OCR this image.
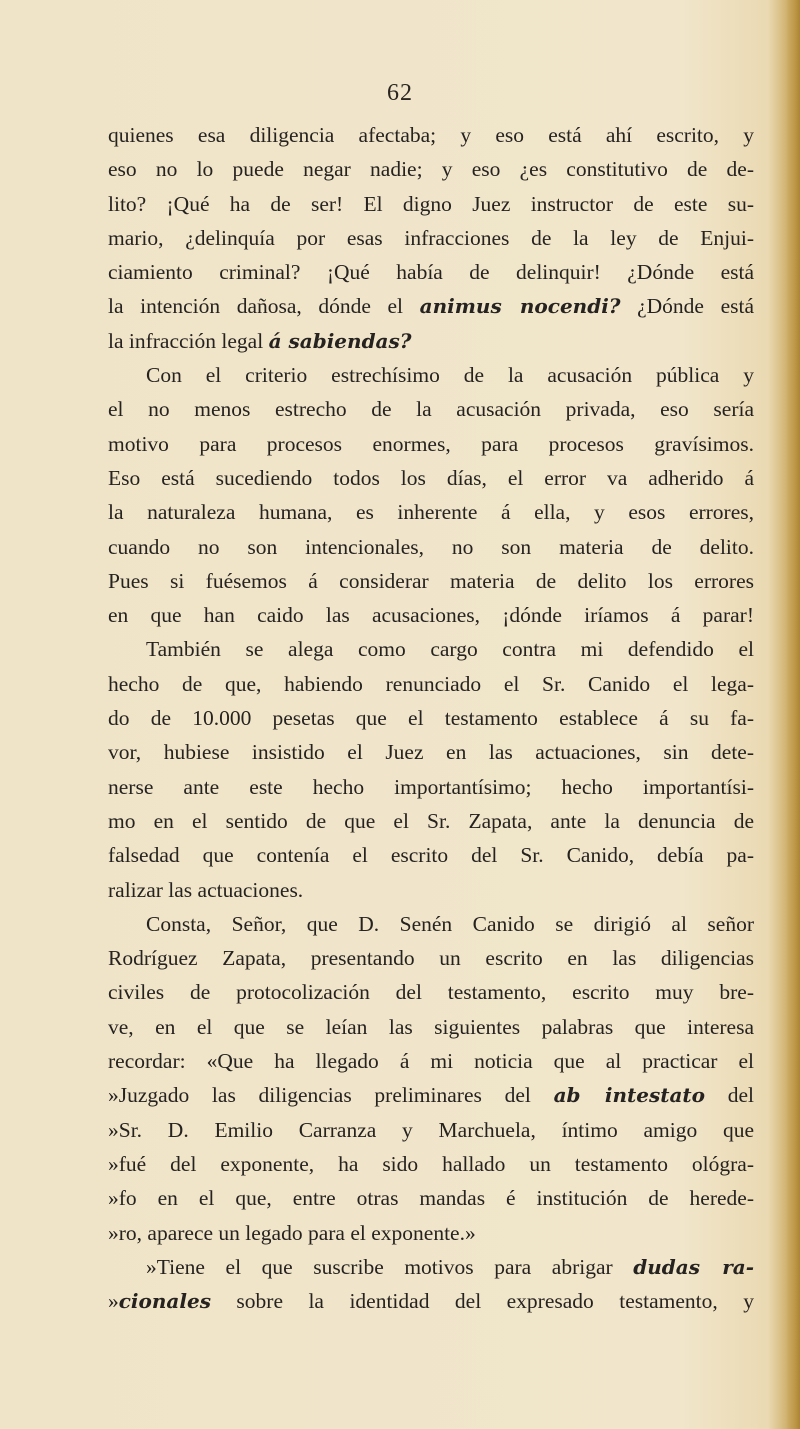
62
quienes esa diligencia afectaba; y eso está ahí escrito, y
eso no lo puede negar nadie; y eso ¿es constitutivo de de-
lito? ¡Qué ha de ser! El digno Juez instructor de este su-
mario, ¿delinquía por esas infracciones de la ley de Enjui-
ciamiento criminal? ¡Qué había de delinquir! ¿Dónde está
la intención dañosa, dónde el animus nocendi? ¿Dónde está
la infracción legal á sabiendas?
Con el criterio estrechísimo de la acusación pública y
el no menos estrecho de la acusación privada, eso sería
motivo para procesos enormes, para procesos gravísimos.
Eso está sucediendo todos los días, el error va adherido á
la naturaleza humana, es inherente á ella, y esos errores,
cuando no son intencionales, no son materia de delito.
Pues si fuésemos á considerar materia de delito los errores
en que han caido las acusaciones, ¡dónde iríamos á parar!
También se alega como cargo contra mi defendido el
hecho de que, habiendo renunciado el Sr. Canido el lega-
do de 10.000 pesetas que el testamento establece á su fa-
vor, hubiese insistido el Juez en las actuaciones, sin dete-
nerse ante este hecho importantísimo; hecho importantísi-
mo en el sentido de que el Sr. Zapata, ante la denuncia de
falsedad que contenía el escrito del Sr. Canido, debía pa-
ralizar las actuaciones.
Consta, Señor, que D. Senén Canido se dirigió al señor
Rodríguez Zapata, presentando un escrito en las diligencias
civiles de protocolización del testamento, escrito muy bre-
ve, en el que se leían las siguientes palabras que interesa
recordar: «Que ha llegado á mi noticia que al practicar el
»Juzgado las diligencias preliminares del ab intestato del
»Sr. D. Emilio Carranza y Marchuela, íntimo amigo que
»fué del exponente, ha sido hallado un testamento ológra-
»fo en el que, entre otras mandas é institución de herede-
»ro, aparece un legado para el exponente.»
»Tiene el que suscribe motivos para abrigar dudas ra-
»cionales sobre la identidad del expresado testamento, y
